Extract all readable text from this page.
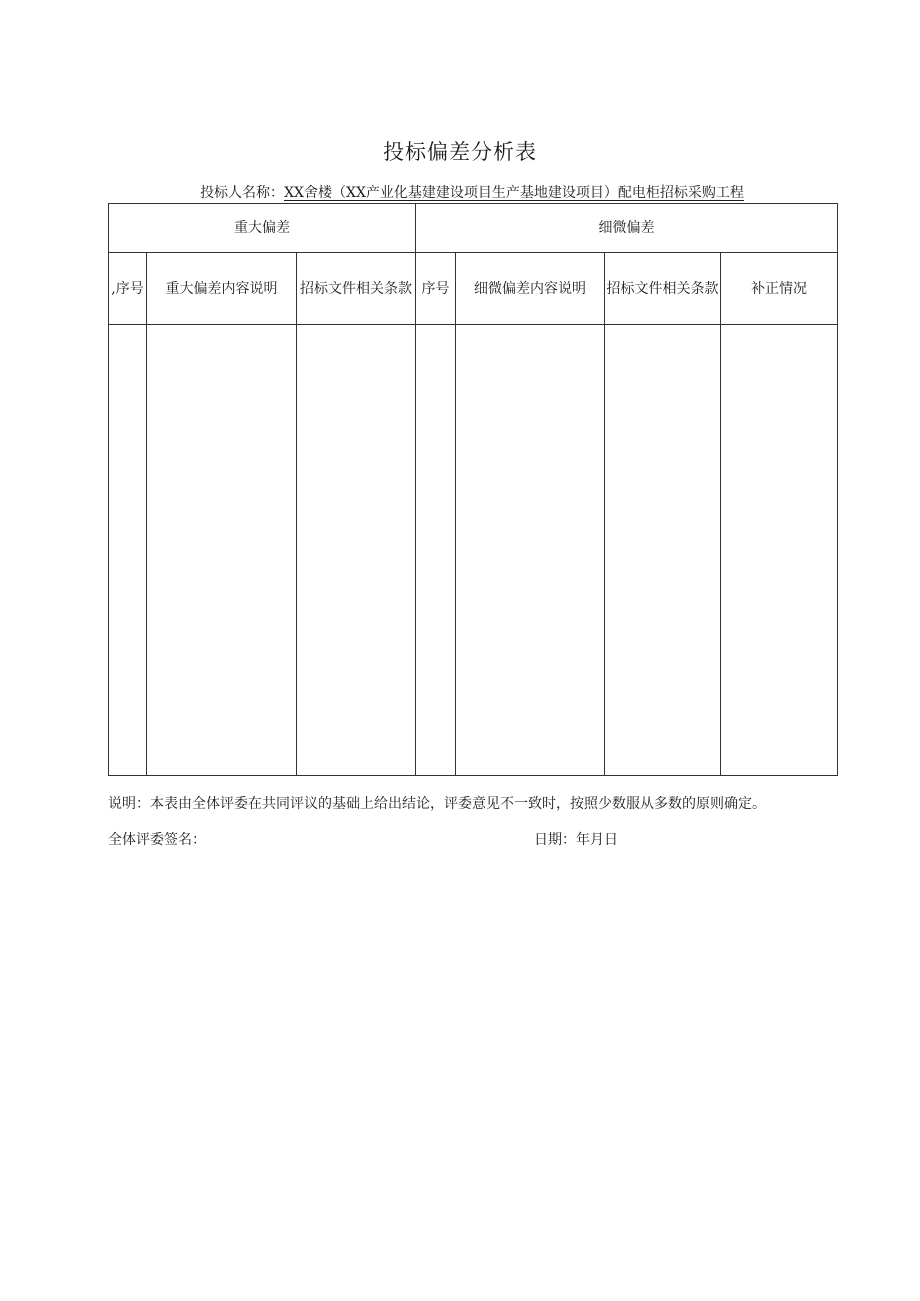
投标偏差分析表
投标人名称：XX舍楼（XX产业化基建建设项目生产基地建设项目）配电柜招标采购工程
重大偏差			细微偏差			

,序号	重大偏差内容说明	招标文件相关条款	序号	细微偏差内容说明	招标文件相关条款	补正情况

说明：本表由全体评委在共同评议的基础上给出结论，评委意见不一致时，按照少数服从多数的原则确定。
全体评委签名：	日期：年月日
